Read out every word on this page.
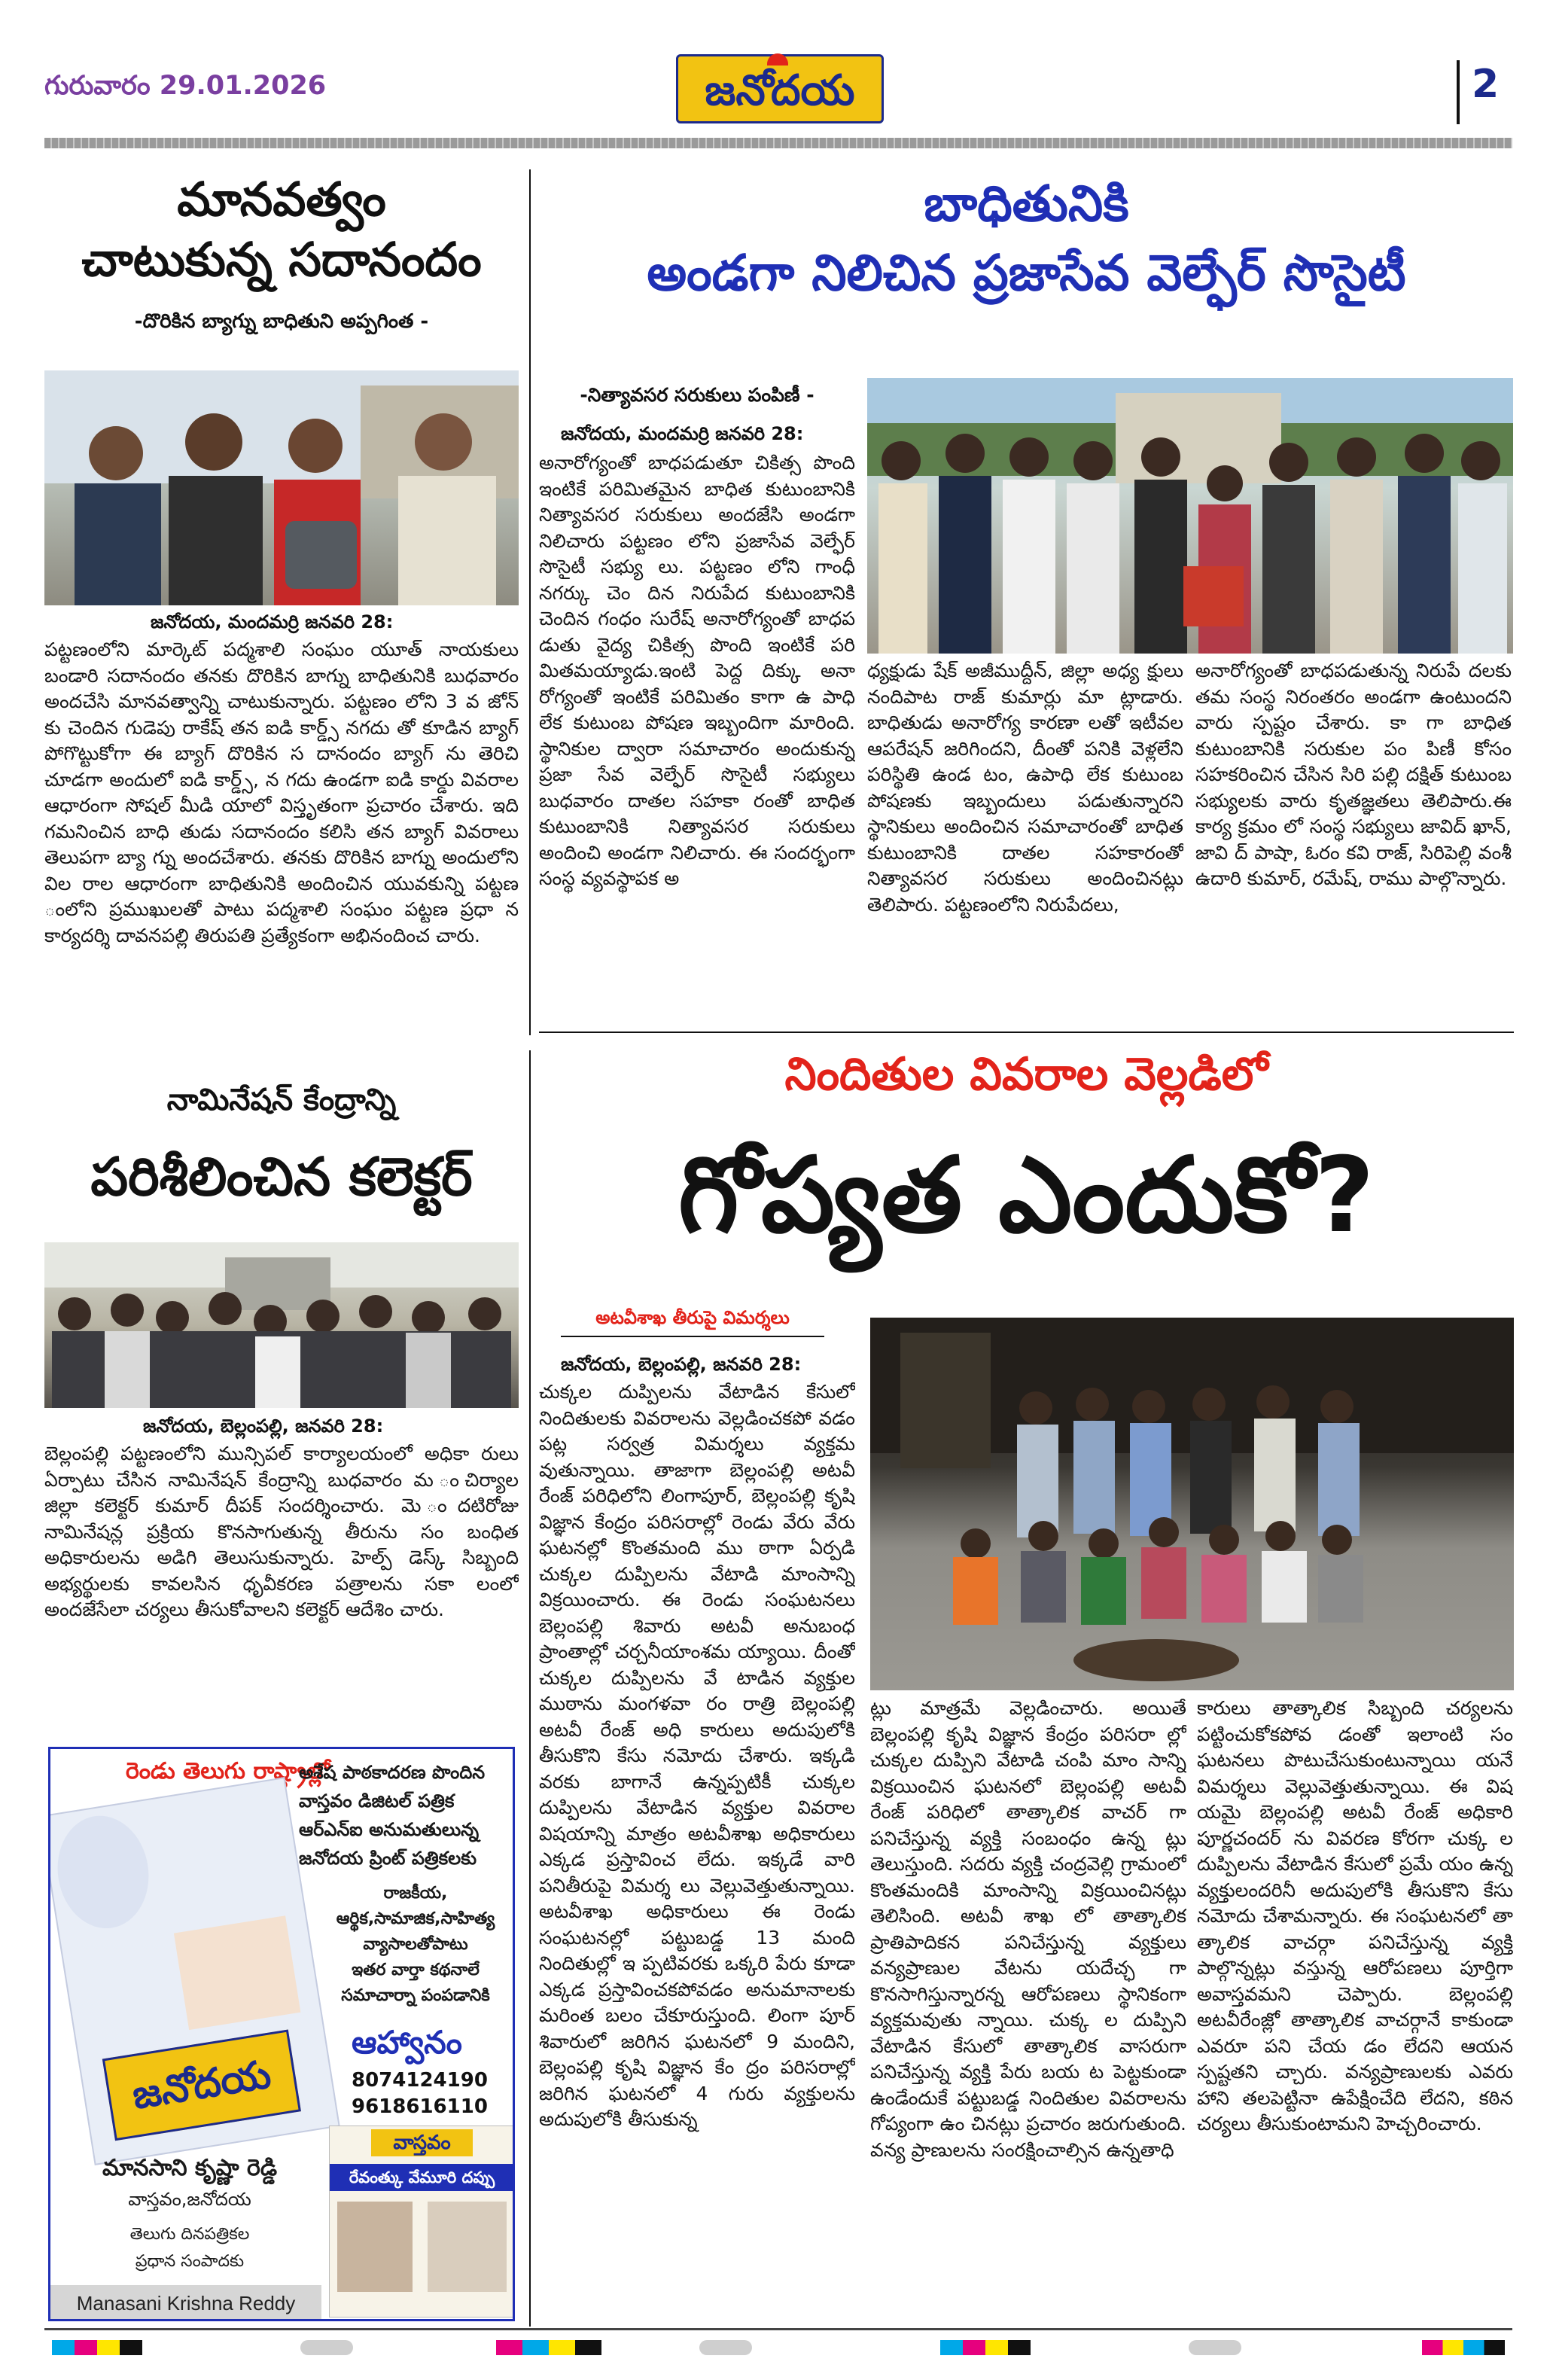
గురువారం 29.01.2026	జనోదయ	2
మానవత్వం
చాటుకున్న సదానందం
-దొరికిన బ్యాగ్ను బాధితుని అప్పగింత -
జనోదయ, మందమర్రి జనవరి 28:
పట్టణంలోని మార్కెట్ పద్మశాలి సంఘం యూత్ నాయకులు బండారి సదానందం తనకు దొరికిన బాగ్ను బాధితునికి బుధవారం అందచేసి మానవత్వాన్ని చాటుకున్నారు. పట్టణం లోని 3 వ జోన్ కు చెందిన గుడెపు రాకేష్ తన ఐడి కార్డ్స్ నగదు తో కూడిన బ్యాగ్ పోగొట్టుకోగా ఈ బ్యాగ్ దొరికిన స దానందం బ్యాగ్ ను తెరిచి చూడగా అందులో ఐడి కార్డ్స్, న గదు ఉండగా ఐడి కార్డు వివరాల ఆధారంగా సోషల్ మీడి యాలో విస్తృతంగా ప్రచారం చేశారు. ఇది గమనించిన బాధి తుడు సదానందం కలిసి తన బ్యాగ్ వివరాలు తెలుపగా బ్యా గ్ను అందచేశారు. తనకు దొరికిన బాగ్ను అందులోని విల రాల ఆధారంగా బాధితునికి అందించిన యువకున్ని పట్టణ ంలోని ప్రముఖులతో పాటు పద్మశాలి సంఘం పట్టణ ప్రధా న కార్యదర్శి దావనపల్లి తిరుపతి ప్రత్యేకంగా అభినందించ చారు.
బాధితునికి
అండగా నిలిచిన ప్రజాసేవ వెల్ఫేర్ సొసైటీ
-నిత్యావసర సరుకులు పంపిణీ -
జనోదయ, మందమర్రి జనవరి 28:
అనారోగ్యంతో బాధపడుతూ చికిత్స పొంది ఇంటికే పరిమితమైన బాధిత కుటుంబానికి నిత్యావసర సరుకులు అందజేసి అండగా నిలిచారు పట్టణం లోని ప్రజాసేవ వెల్ఫేర్ సొసైటీ సభ్యు లు. పట్టణం లోని గాంధీ నగర్కు చెం దిన నిరుపేద కుటుంబానికి చెందిన గంధం సురేష్ అనారోగ్యంతో బాధప డుతు వైద్య చికిత్స పొంది ఇంటికే పరి మితమయ్యాడు.ఇంటి పెద్ద దిక్కు అనా రోగ్యంతో ఇంటికే పరిమితం కాగా ఉ పాధి లేక కుటుంబ పోషణ ఇబ్బందిగా మారింది. స్థానికుల ద్వారా సమాచారం అందుకున్న ప్రజా సేవ వెల్ఫేర్ సొసైటీ సభ్యులు బుధవారం దాతల సహకా రంతో బాధిత కుటుంబానికి నిత్యావసర సరుకులు అందించి అండగా నిలిచారు. ఈ సందర్భంగా సంస్థ వ్యవస్థాపక అ
ధ్యక్షుడు షేక్ అజీముద్దీన్, జిల్లా అధ్య క్షులు నందిపాట రాజ్ కుమార్లు మా ట్లాడారు. బాధితుడు అనారోగ్య కారణా లతో ఇటీవల ఆపరేషన్ జరిగిందని, దీంతో పనికి వెళ్లలేని పరిస్థితి ఉండ టం, ఉపాధి లేక కుటుంబ పోషణకు ఇబ్బందులు పడుతున్నారని స్థానికులు అందించిన సమాచారంతో బాధిత కుటుంబానికి దాతల సహకారంతో నిత్యావసర సరుకులు అందించినట్లు తెలిపారు. పట్టణంలోని నిరుపేదలు,
అనారోగ్యంతో బాధపడుతున్న నిరుపే దలకు తమ సంస్థ నిరంతరం అండగా ఉంటుందని వారు స్పష్టం చేశారు. కా గా బాధిత కుటుంబానికి సరుకుల పం పిణీ కోసం సహకరించిన చేసిన సిరి పల్లి దక్షిత్ కుటుంబ సభ్యులకు వారు కృతజ్ఞతలు తెలిపారు.ఈ కార్య క్రమం లో సంస్థ సభ్యులు జావిద్ ఖాన్, జావి ద్ పాషా, ఓరం కవి రాజ్, సిరిపెల్లి వంశీ ఉదారి కుమార్, రమేష్, రాము పాల్గొన్నారు.
నామినేషన్ కేంద్రాన్ని
పరిశీలించిన కలెక్టర్
జనోదయ, బెల్లంపల్లి, జనవరి 28:
బెల్లంపల్లి పట్టణంలోని మున్సిపల్ కార్యాలయంలో అధికా రులు ఏర్పాటు చేసిన నామినేషన్ కేంద్రాన్ని బుధవారం మ ంచిర్యాల జిల్లా కలెక్టర్ కుమార్ దీపక్ సందర్శించారు. మె ందటిరోజు నామినేషన్ల ప్రక్రియ కొనసాగుతున్న తీరును సం బంధిత అధికారులను అడిగి తెలుసుకున్నారు. హెల్ప్ డెస్క్ సిబ్బంది అభ్యర్థులకు కావలసిన ధృవీకరణ పత్రాలను సకా లంలో అందజేసేలా చర్యలు తీసుకోవాలని కలెక్టర్ ఆదేశిం చారు.
రెండు తెలుగు రాష్ట్రాల్లో
అశేష పాఠకాదరణ పొందిన
వాస్తవం డిజిటల్ పత్రిక
ఆర్ఎన్ఐ అనుమతులున్న
జనోదయ ప్రింట్ పత్రికలకు
రాజకీయ,
ఆర్థిక,సామాజిక,సాహిత్య
వ్యాసాలతోపాటు
ఇతర వార్తా కథనాలే
సమాచార్నా పంపడానికి
ఆహ్వానం
8074124190
9618616110
జనోదయ
వాస్తవం
రేవంత్కు వేమూరి దప్పు
మానసాని కృష్ణా రెడ్డి
వాస్తవం,జనోదయ
తెలుగు దినపత్రికల
ప్రధాన సంపాదకు
Manasani Krishna Reddy
నిందితుల వివరాల వెల్లడిలో
గోప్యత ఎందుకో?
అటవీశాఖ తీరుపై విమర్శలు
జనోదయ, బెల్లంపల్లి, జనవరి 28:
చుక్కల దుప్పిలను వేటాడిన కేసులో నిందితులకు వివరాలను వెల్లడించకపో వడం పట్ల సర్వత్ర విమర్శలు వ్యక్తమ వుతున్నాయి. తాజాగా బెల్లంపల్లి అటవీ రేంజ్ పరిధిలోని లింగాపూర్, బెల్లంపల్లి కృషి విజ్ఞాన కేంద్రం పరిసరాల్లో రెండు వేరు వేరు ఘటనల్లో కొంతమంది ము ఠాగా ఏర్పడి చుక్కల దుప్పిలను వేటాడి మాంసాన్ని విక్రయించారు. ఈ రెండు సంఘటనలు బెల్లంపల్లి శివారు అటవీ అనుబంధ ప్రాంతాల్లో చర్చనీయాంశమ య్యాయి. దీంతో చుక్కల దుప్పిలను వే టాడిన వ్యక్తుల ముఠాను మంగళవా రం రాత్రి బెల్లంపల్లి అటవీ రేంజ్ అధి కారులు అదుపులోకి తీసుకొని కేసు నమోదు చేశారు. ఇక్కడి వరకు బాగానే ఉన్నప్పటికీ చుక్కల దుప్పిలను వేటాడిన వ్యక్తుల వివరాల విషయాన్ని మాత్రం అటవీశాఖ అధికారులు ఎక్కడ ప్రస్తావించ లేదు. ఇక్కడే వారి పనితీరుపై విమర్శ లు వెల్లువెత్తుతున్నాయి. అటవీశాఖ అధికారులు ఈ రెండు సంఘటనల్లో పట్టుబడ్డ 13 మంది నిందితుల్లో ఇ ప్పటివరకు ఒక్కరి పేరు కూడా ఎక్కడ ప్రస్తావించకపోవడం అనుమానాలకు మరింత బలం చేకూరుస్తుంది. లింగా పూర్ శివారులో జరిగిన ఘటనలో 9 మందిని, బెల్లంపల్లి కృషి విజ్ఞాన కేం ద్రం పరిసరాల్లో జరిగిన ఘటనలో 4 గురు వ్యక్తులను అదుపులోకి తీసుకున్న
ట్లు మాత్రమే వెల్లడించారు. అయితే బెల్లంపల్లి కృషి విజ్ఞాన కేంద్రం పరిసరా ల్లో చుక్కల దుప్పిని వేటాడి చంపి మాం సాన్ని విక్రయించిన ఘటనలో బెల్లంపల్లి అటవీ రేంజ్ పరిధిలో తాత్కాలిక వాచర్ గా పనిచేస్తున్న వ్యక్తి సంబంధం ఉన్న ట్లు తెలుస్తుంది. సదరు వ్యక్తి చంద్రవెల్లి గ్రామంలో కొంతమందికి మాంసాన్ని విక్రయించినట్లు తెలిసింది. అటవీ శాఖ లో తాత్కాలిక ప్రాతిపాదికన పనిచేస్తున్న వ్యక్తులు వన్యప్రాణుల వేటను యదేచ్ఛ గా కొనసాగిస్తున్నారన్న ఆరోపణలు స్థానికంగా వ్యక్తమవుతు న్నాయి. చుక్క ల దుప్పిని వేటాడిన కేసులో తాత్కాలిక వాసరుగా పనిచేస్తున్న వ్యక్తి పేరు బయ ట పెట్టకుండా ఉండేందుకే పట్టుబడ్డ నిందితుల వివరాలను గోప్యంగా ఉం చినట్లు ప్రచారం జరుగుతుంది. వన్య ప్రాణులను సంరక్షించాల్సిన ఉన్నతాధి
కారులు తాత్కాలిక సిబ్బంది చర్యలను పట్టించుకోకపోవ డంతో ఇలాంటి సం ఘటనలు పొటుచేసుకుంటున్నాయి యనే విమర్శలు వెల్లువెత్తుతున్నాయి. ఈ విష యమై బెల్లంపల్లి అటవీ రేంజ్ అధికారి పూర్ణచందర్ ను వివరణ కోరగా చుక్క ల దుప్పిలను వేటాడిన కేసులో ప్రమే యం ఉన్న వ్యక్తులందరినీ అదుపులోకి తీసుకొని కేసు నమోదు చేశామన్నారు. ఈ సంఘటనలో తా త్కాలిక వాచర్గా పనిచేస్తున్న వ్యక్తి పాల్గొన్నట్లు వస్తున్న ఆరోపణలు పూర్తిగా అవాస్తవమని చెప్పారు. బెల్లంపల్లి అటవీరేంజ్లో తాత్కాలిక వాచర్గానే కాకుండా ఎవరూ పని చేయ డం లేదని ఆయన స్పష్టతని చ్చారు. వన్యప్రాణులకు ఎవరు హాని తలపెట్టినా ఉపేక్షించేది లేదని, కఠిన చర్యలు తీసుకుంటామని హెచ్చరించారు.
